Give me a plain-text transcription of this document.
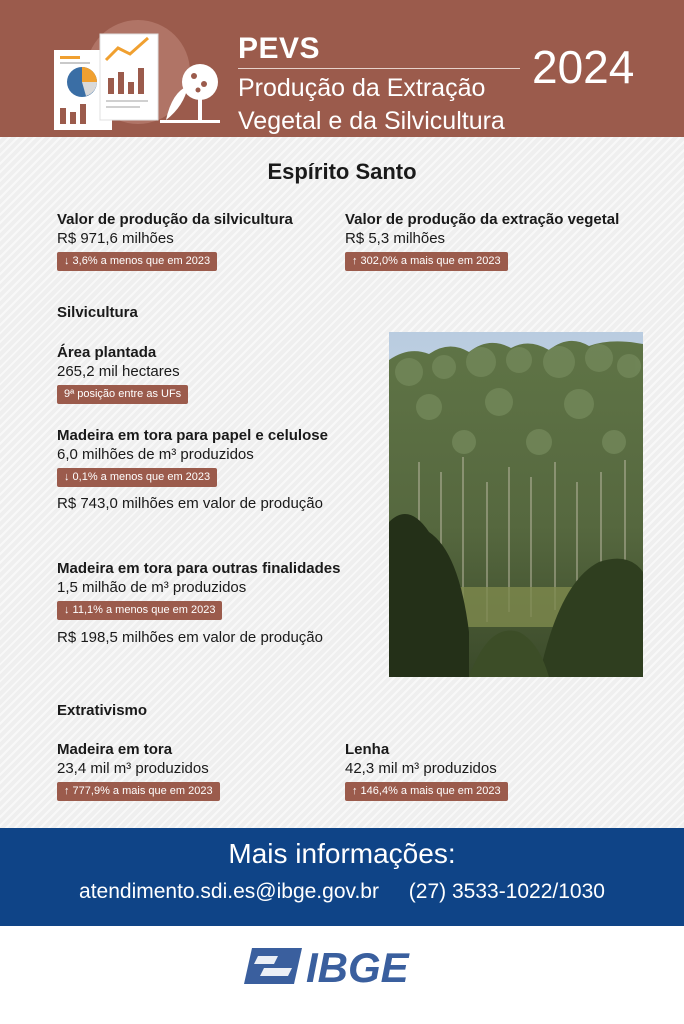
PEVS
Produção da Extração
Vegetal e da Silvicultura
2024
Espírito Santo
Valor de produção da silvicultura
R$ 971,6 milhões
↓ 3,6% a menos que em 2023
Valor de produção da extração vegetal
R$ 5,3 milhões
↑ 302,0% a mais que em 2023
Silvicultura
Área plantada
265,2 mil hectares
9ª posição entre as UFs
Madeira em tora para papel e celulose
6,0 milhões de m³ produzidos
↓ 0,1% a menos que em 2023
R$ 743,0 milhões em valor de produção
Madeira em tora para outras finalidades
1,5 milhão de m³ produzidos
↓ 11,1% a menos que em 2023
R$ 198,5 milhões em valor de produção
Extrativismo
Madeira em tora
23,4 mil m³ produzidos
↑ 777,9% a mais que em 2023
Lenha
42,3 mil m³ produzidos
↑ 146,4% a mais que em 2023
Mais informações:
atendimento.sdi.es@ibge.gov.br (27) 3533-1022/1030
IBGE
